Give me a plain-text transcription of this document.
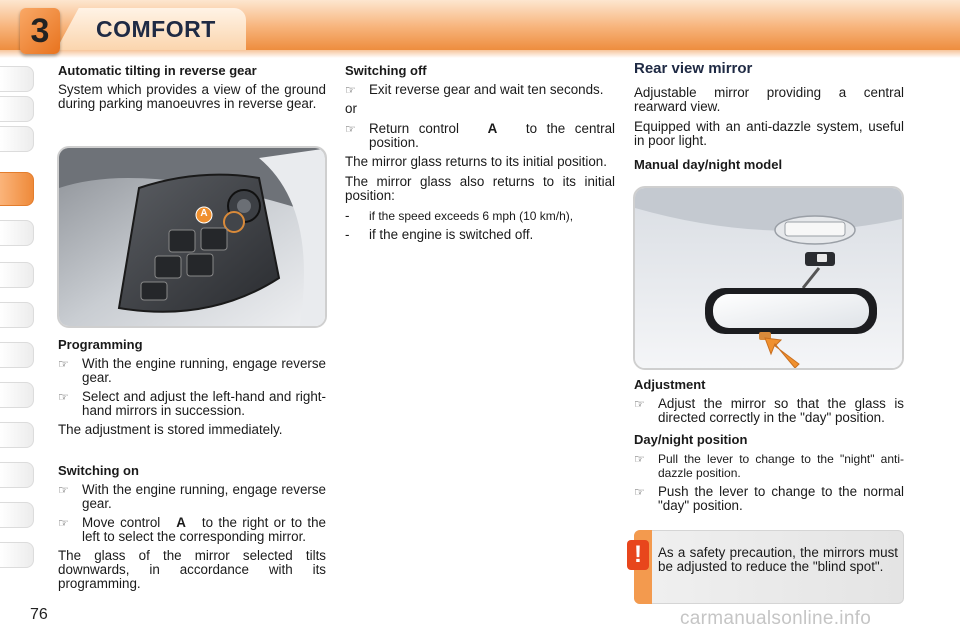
3	COMFORT
Automatic tilting in reverse gear

System which provides a view of the ground during parking manoeuvres in reverse gear.

A
Programming
☞ With the engine running, engage reverse gear.
☞ Select and adjust the left-hand and right-hand mirrors in succession.

The adjustment is stored immediately.

Switching on
☞ With the engine running, engage reverse gear.
☞ Move control A to the right or to the left to select the corresponding mirror.

The glass of the mirror selected tilts downwards, in accordance with its programming.

Switching off
☞ Exit reverse gear and wait ten seconds.

or

☞ Return control A to the central position.

The mirror glass returns to its initial position.

The mirror glass also returns to its initial position:

-	if the speed exceeds 6 mph (10 km/h),
-	if the engine is switched off.
Rear view mirror

Adjustable mirror providing a central rearward view.

Equipped with an anti-dazzle system, useful in poor light.

Manual day/night model
Adjustment
☞ Adjust the mirror so that the glass is directed correctly in the "day" position.
Day/night position
☞	Pull the lever to change to the "night" anti-dazzle position.
☞ Push the lever to change to the normal "day" position.
!	As a safety precaution, the mirrors must be adjusted to reduce the "blind spot".
76	carmanualsonline.info
